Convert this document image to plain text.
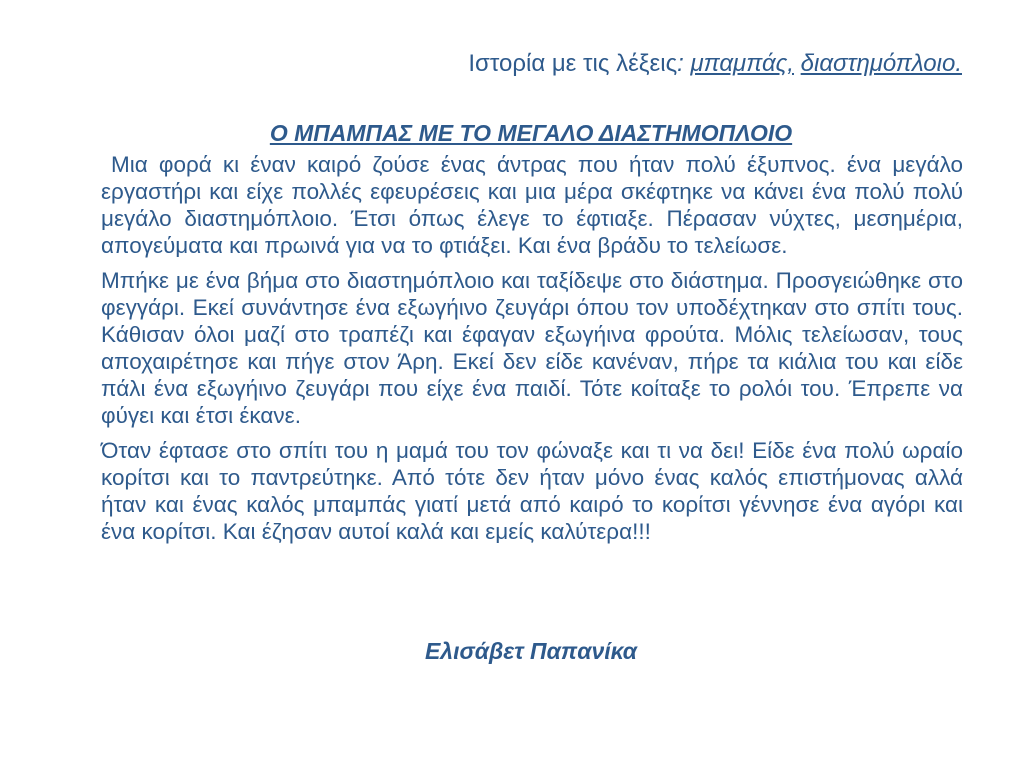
Ιστορία με τις λέξεις: μπαμπάς, διαστημόπλοιο.
Ο ΜΠΑΜΠΑΣ ΜΕ ΤΟ ΜΕΓΑΛΟ ΔΙΑΣΤΗΜΟΠΛΟΙΟ

Μια φορά κι έναν καιρό ζούσε ένας άντρας που ήταν πολύ έξυπνος. ένα μεγάλο εργαστήρι και είχε πολλές εφευρέσεις και μια μέρα σκέφτηκε να κάνει ένα πολύ πολύ μεγάλο διαστημόπλοιο. Έτσι όπως έλεγε το έφτιαξε. Πέρασαν νύχτες, μεσημέρια, απογεύματα και πρωινά για να το φτιάξει. Και ένα βράδυ το τελείωσε.

Μπήκε με ένα βήμα στο διαστημόπλοιο και ταξίδεψε στο διάστημα. Προσγειώθηκε στο φεγγάρι. Εκεί συνάντησε ένα εξωγήινο ζευγάρι όπου τον υποδέχτηκαν στο σπίτι τους. Κάθισαν όλοι μαζί στο τραπέζι και έφαγαν εξωγήινα φρούτα. Μόλις τελείωσαν, τους αποχαιρέτησε και πήγε στον Άρη. Εκεί δεν είδε κανέναν, πήρε τα κιάλια του και είδε πάλι ένα εξωγήινο ζευγάρι που είχε ένα παιδί. Τότε κοίταξε το ρολόι του. Έπρεπε να φύγει και έτσι έκανε.

Όταν έφτασε στο σπίτι του η μαμά του τον φώναξε και τι να δει! Είδε ένα πολύ ωραίο κορίτσι και το παντρεύτηκε. Από τότε δεν ήταν μόνο ένας καλός επιστήμονας αλλά ήταν και ένας καλός μπαμπάς γιατί μετά από καιρό το κορίτσι γέννησε ένα αγόρι και ένα κορίτσι. Και έζησαν αυτοί καλά και εμείς καλύτερα!!!

Ελισάβετ Παπανίκα
